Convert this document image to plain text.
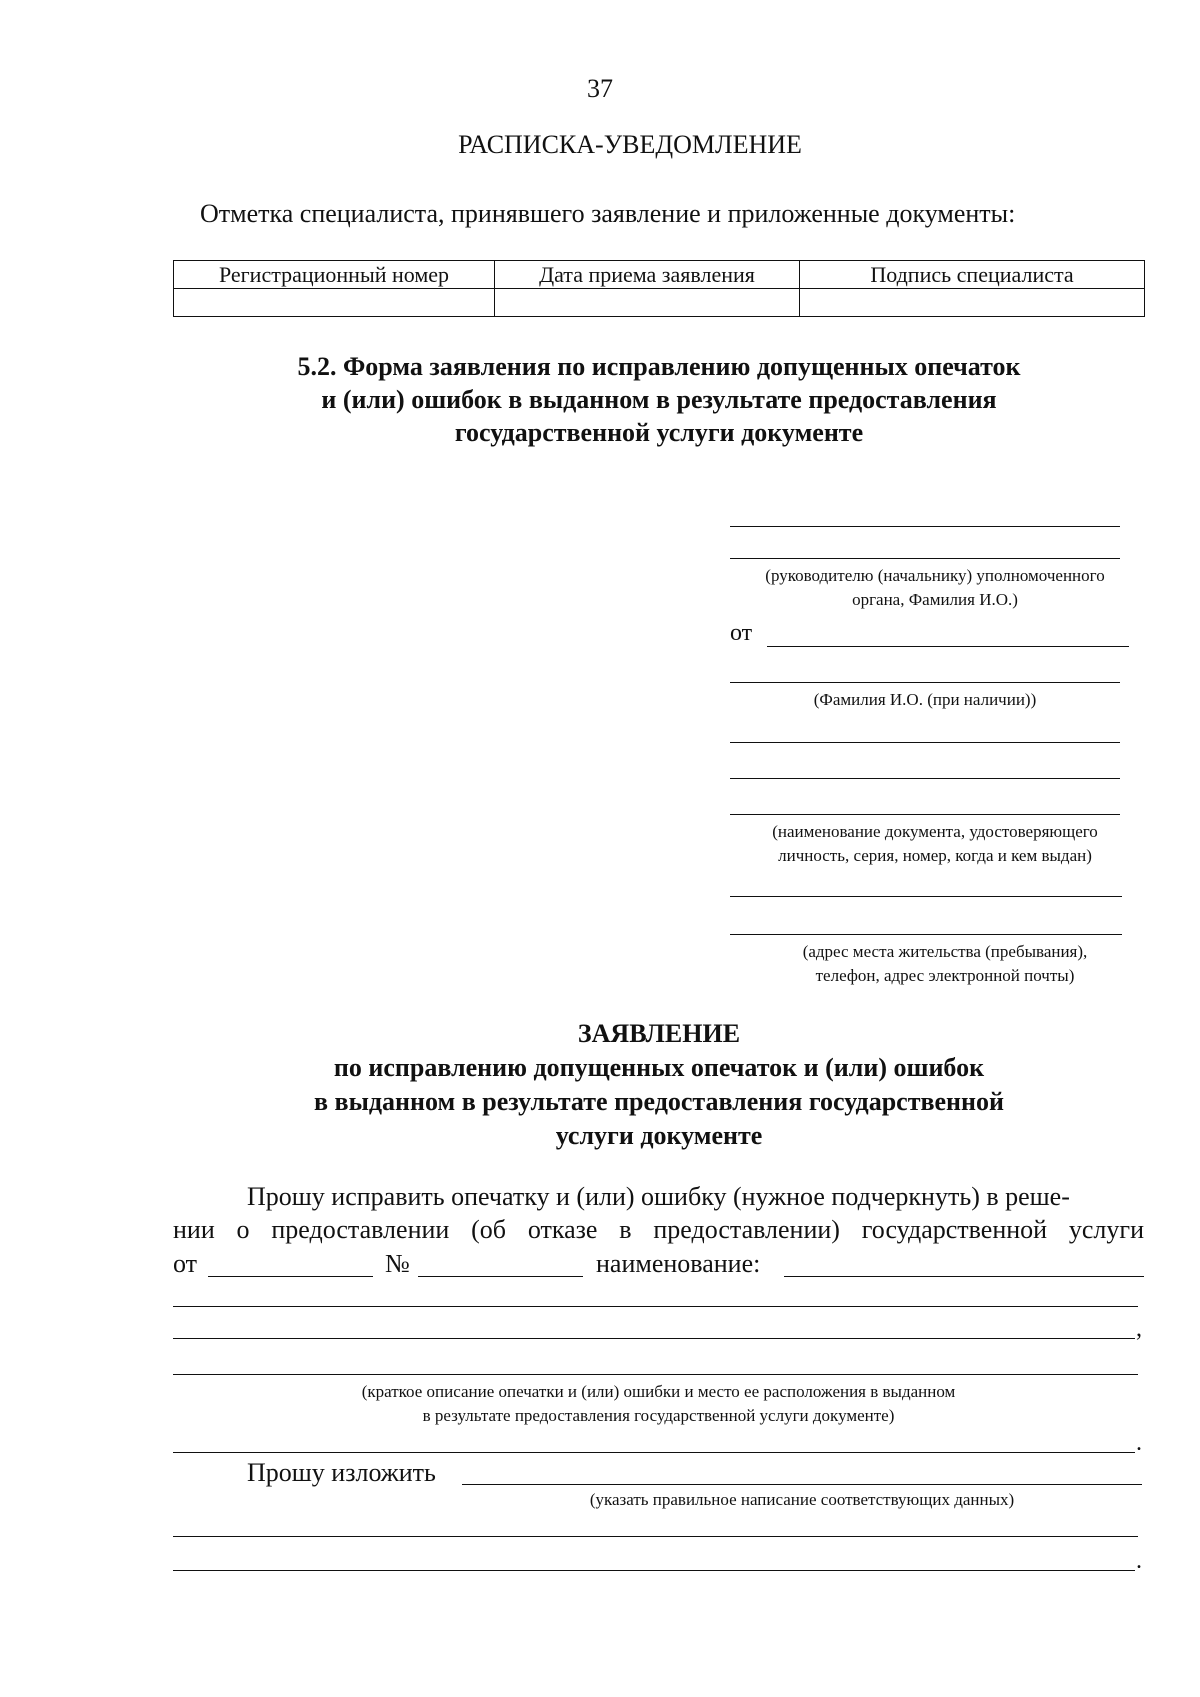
37
РАСПИСКА-УВЕДОМЛЕНИЕ
Отметка специалиста, принявшего заявление и приложенные документы:
Регистрационный номер	Дата приема заявления	Подпись специалиста

5.2. Форма заявления по исправлению допущенных опечаток
и (или) ошибок в выданном в результате предоставления
государственной услуги документе
(руководителю (начальнику) уполномоченного
органа, Фамилия И.О.)
от
(Фамилия И.О. (при наличии))
(наименование документа, удостоверяющего
личность, серия, номер, когда и кем выдан)
(адрес места жительства (пребывания),
телефон, адрес электронной почты)
ЗАЯВЛЕНИЕ
по исправлению допущенных опечаток и (или) ошибок
в выданном в результате предоставления государственной
услуги документе
Прошу исправить опечатку и (или) ошибку (нужное подчеркнуть) в реше-
нии о предоставлении (об отказе в предоставлении) государственной услуги
от	№	наименование:
,
(краткое описание опечатки и (или) ошибки и место ее расположения в выданном
в результате предоставления государственной услуги документе)
.
Прошу изложить
(указать правильное написание соответствующих данных)
.
